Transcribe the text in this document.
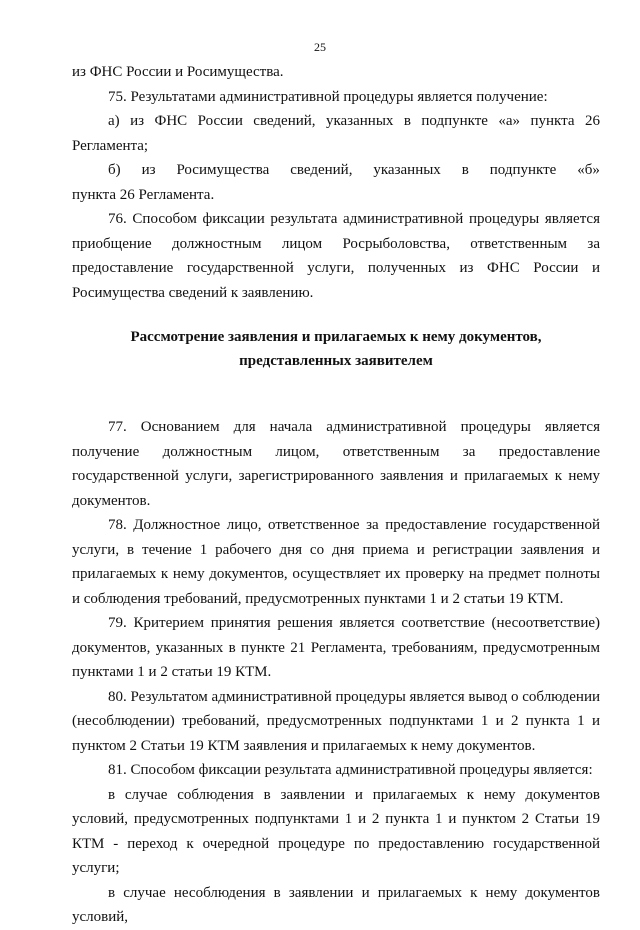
25

из ФНС России и Росимущества.

75. Результатами административной процедуры является получение:

а) из ФНС России сведений, указанных в подпункте «а» пункта 26 Регламента;

б) из Росимущества сведений, указанных в подпункте «б»

пункта 26 Регламента.

76. Способом фиксации результата административной процедуры является приобщение должностным лицом Росрыболовства, ответственным за предоставление государственной услуги, полученных из ФНС России и Росимущества сведений к заявлению.

Рассмотрение заявления и прилагаемых к нему документов,
представленных заявителем

77. Основанием для начала административной процедуры является получение должностным лицом, ответственным за предоставление государственной услуги, зарегистрированного заявления и прилагаемых к нему документов.

78. Должностное лицо, ответственное за предоставление государственной услуги, в течение 1 рабочего дня со дня приема и регистрации заявления и прилагаемых к нему документов, осуществляет их проверку на предмет полноты и соблюдения требований, предусмотренных пунктами 1 и 2 статьи 19 КТМ.

79. Критерием принятия решения является соответствие (несоответствие) документов, указанных в пункте 21 Регламента, требованиям, предусмотренным пунктами 1 и 2 статьи 19 КТМ.

80. Результатом административной процедуры является вывод о соблюдении (несоблюдении) требований, предусмотренных подпунктами 1 и 2 пункта 1 и пунктом 2 Статьи 19 КТМ заявления и прилагаемых к нему документов.

81. Способом фиксации результата административной процедуры является:

в случае соблюдения в заявлении и прилагаемых к нему документов условий, предусмотренных подпунктами 1 и 2 пункта 1 и пунктом 2 Статьи 19 КТМ - переход к очередной процедуре по предоставлению государственной услуги;

в случае несоблюдения в заявлении и прилагаемых к нему документов условий,
